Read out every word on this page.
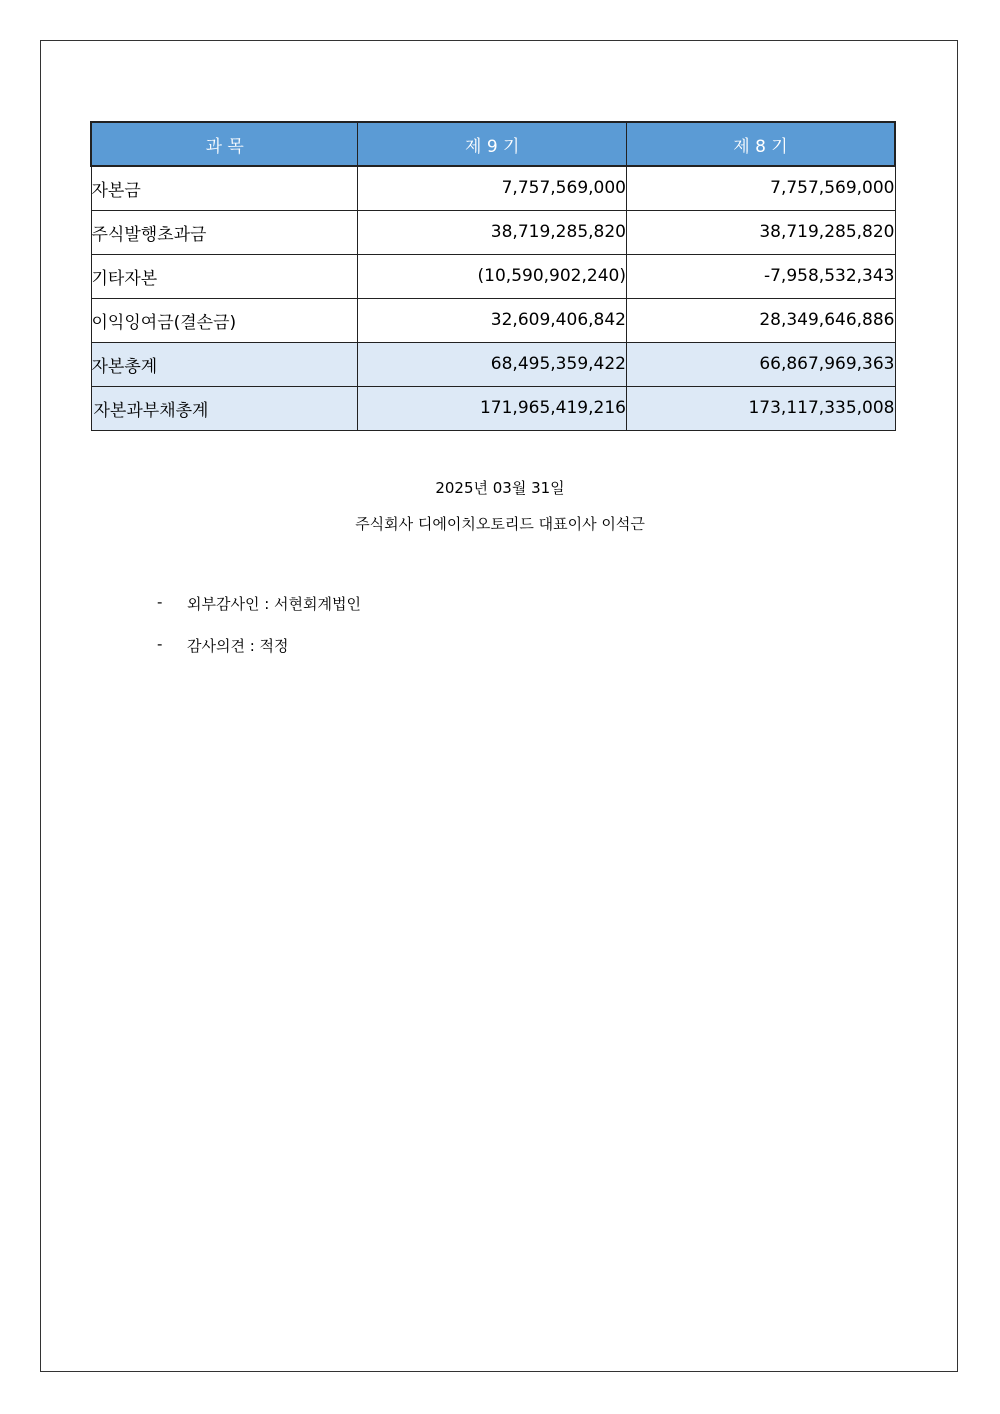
과 목	제 9 기	제 8 기
자본금	7,757,569,000	7,757,569,000
주식발행초과금	38,719,285,820	38,719,285,820
기타자본	(10,590,902,240)	-7,958,532,343
이익잉여금(결손금)	32,609,406,842	28,349,646,886
자본총계	68,495,359,422	66,867,969,363
자본과부채총계	171,965,419,216	173,117,335,008
2025년 03월 31일
주식회사 디에이치오토리드 대표이사 이석근
-	외부감사인 : 서현회계법인
-	감사의견 : 적정
